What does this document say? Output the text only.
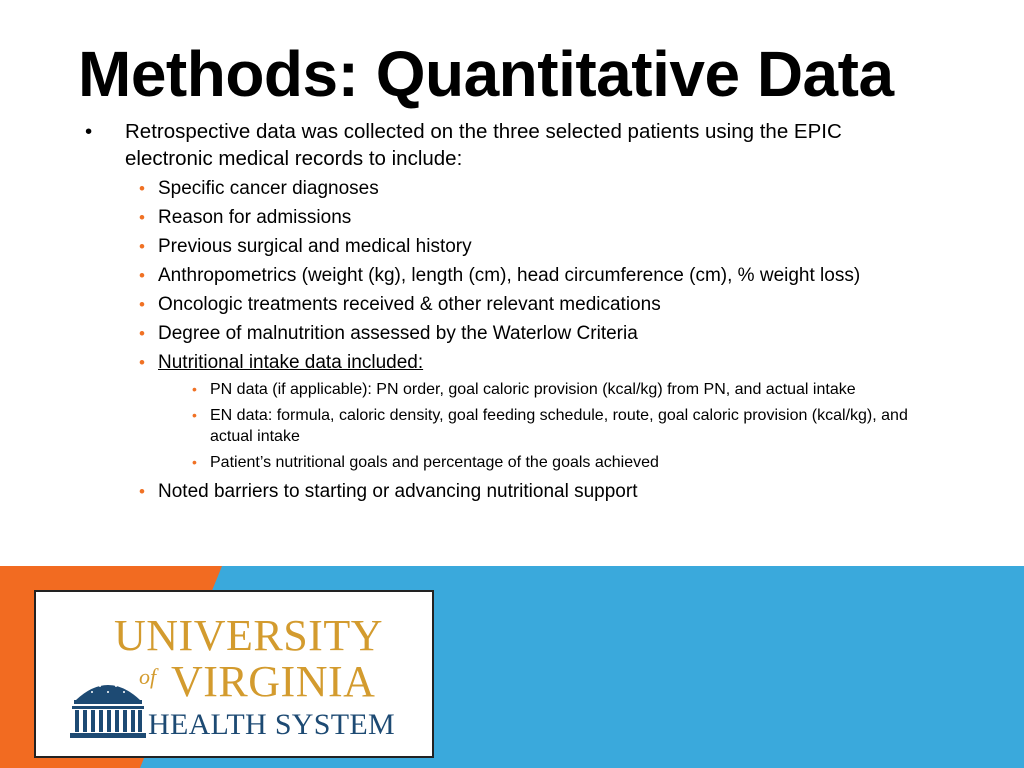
Methods: Quantitative Data
• Retrospective data was collected on the three selected patients using the EPIC electronic medical records to include:
• Specific cancer diagnoses
• Reason for admissions
• Previous surgical and medical history
• Anthropometrics (weight (kg), length (cm), head circumference (cm), % weight loss)
• Oncologic treatments received & other relevant medications
• Degree of malnutrition assessed by the Waterlow Criteria
• Nutritional intake data included:
• PN data (if applicable): PN order, goal caloric provision (kcal/kg) from PN, and actual intake
• EN data: formula, caloric density, goal feeding schedule, route, goal caloric provision (kcal/kg), and actual intake
• Patient’s nutritional goals and percentage of the goals achieved
• Noted barriers to starting or advancing nutritional support
UNIVERSITY
of VIRGINIA
HEALTH SYSTEM
